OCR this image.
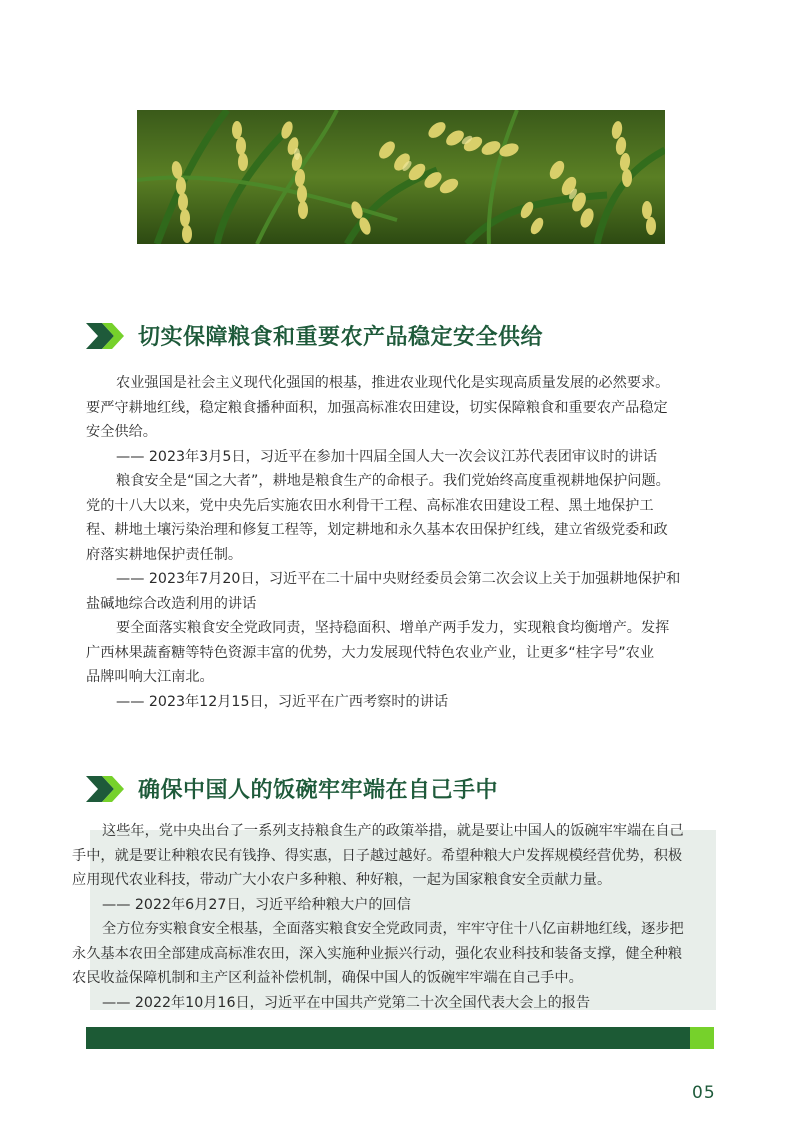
切实保障粮食和重要农产品稳定安全供给
农业强国是社会主义现代化强国的根基，推进农业现代化是实现高质量发展的必然要求。
要严守耕地红线，稳定粮食播种面积，加强高标准农田建设，切实保障粮食和重要农产品稳定
安全供给。
—— 2023年3月5日，习近平在参加十四届全国人大一次会议江苏代表团审议时的讲话
粮食安全是“国之大者”，耕地是粮食生产的命根子。我们党始终高度重视耕地保护问题。
党的十八大以来，党中央先后实施农田水利骨干工程、高标准农田建设工程、黑土地保护工
程、耕地土壤污染治理和修复工程等，划定耕地和永久基本农田保护红线，建立省级党委和政
府落实耕地保护责任制。
—— 2023年7月20日，习近平在二十届中央财经委员会第二次会议上关于加强耕地保护和
盐碱地综合改造利用的讲话
要全面落实粮食安全党政同责，坚持稳面积、增单产两手发力，实现粮食均衡增产。发挥
广西林果蔬畜糖等特色资源丰富的优势，大力发展现代特色农业产业，让更多“桂字号”农业
品牌叫响大江南北。
—— 2023年12月15日，习近平在广西考察时的讲话
确保中国人的饭碗牢牢端在自己手中
这些年，党中央出台了一系列支持粮食生产的政策举措，就是要让中国人的饭碗牢牢端在自己
手中，就是要让种粮农民有钱挣、得实惠，日子越过越好。希望种粮大户发挥规模经营优势，积极
应用现代农业科技，带动广大小农户多种粮、种好粮，一起为国家粮食安全贡献力量。
—— 2022年6月27日，习近平给种粮大户的回信
全方位夯实粮食安全根基，全面落实粮食安全党政同责，牢牢守住十八亿亩耕地红线，逐步把
永久基本农田全部建成高标准农田，深入实施种业振兴行动，强化农业科技和装备支撑，健全种粮
农民收益保障机制和主产区利益补偿机制，确保中国人的饭碗牢牢端在自己手中。
—— 2022年10月16日，习近平在中国共产党第二十次全国代表大会上的报告
05
